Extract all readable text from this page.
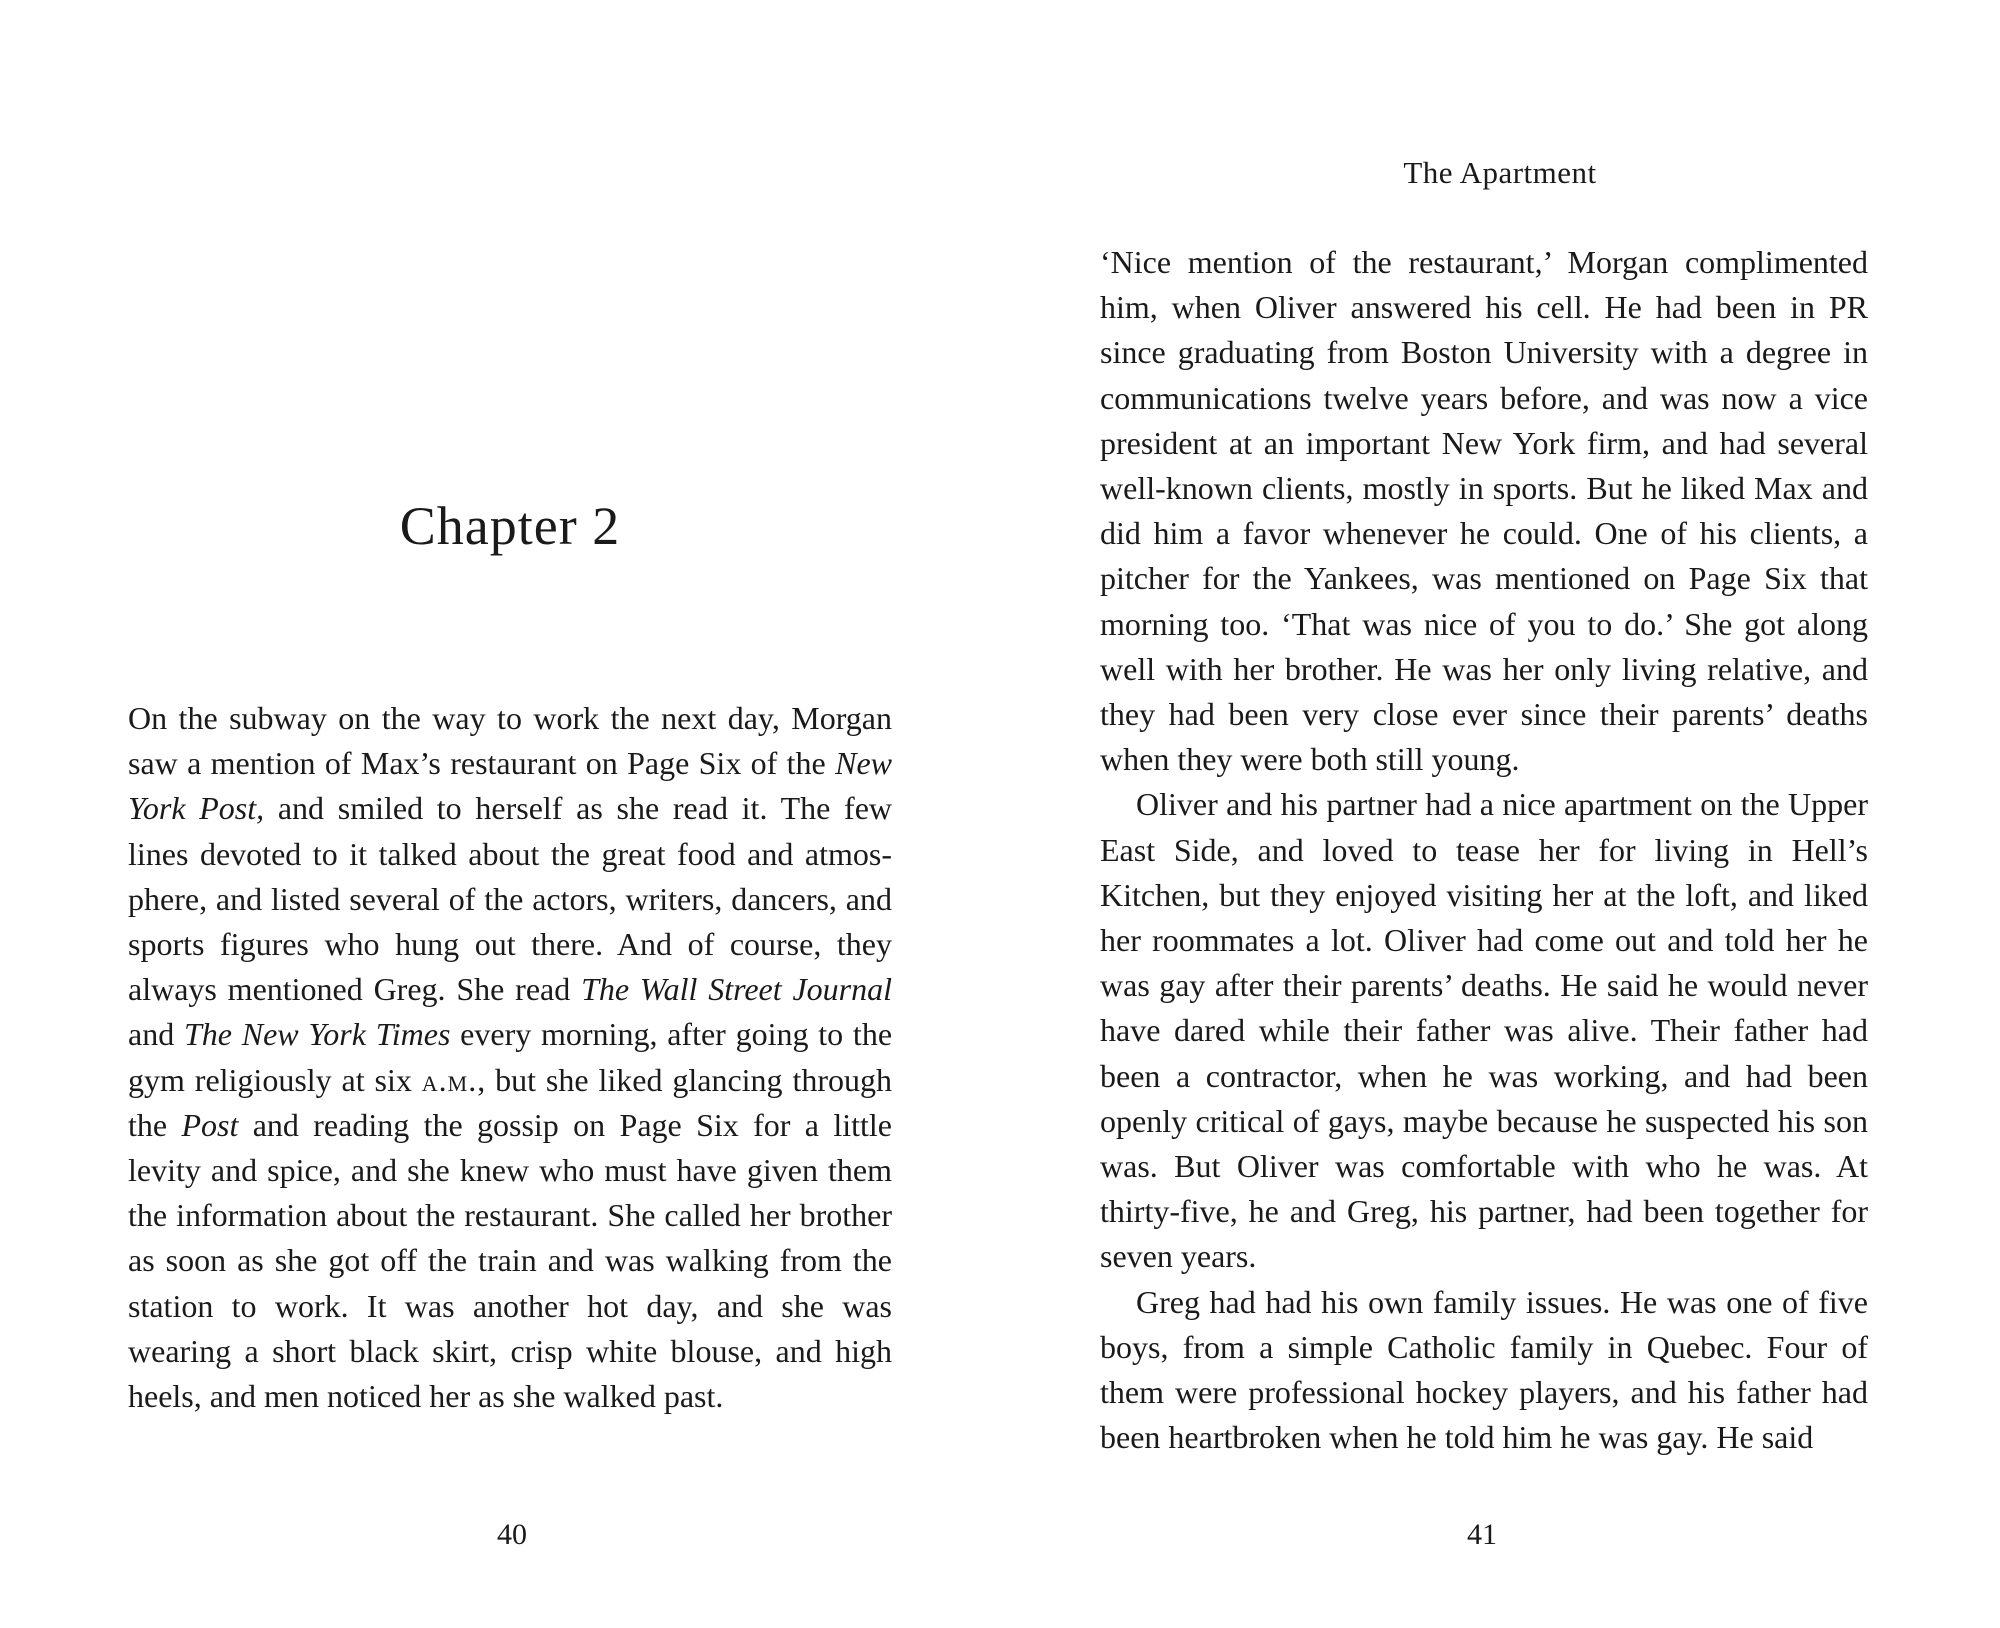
Chapter 2

On the subway on the way to work the next day, Morgan saw a mention of Max’s restaurant on Page Six of the New York Post, and smiled to herself as she read it. The few lines devoted to it talked about the great food and atmosphere, and listed several of the actors, writers, dancers, and sports figures who hung out there. And of course, they always mentioned Greg. She read The Wall Street Journal and The New York Times every morning, after going to the gym religiously at six a.m., but she liked glancing through the Post and reading the gossip on Page Six for a little levity and spice, and she knew who must have given them the information about the restaurant. She called her brother as soon as she got off the train and was walking from the station to work. It was another hot day, and she was wearing a short black skirt, crisp white blouse, and high heels, and men noticed her as she walked past.

40
The Apartment

‘Nice mention of the restaurant,’ Morgan complimented him, when Oliver answered his cell. He had been in PR since graduating from Boston University with a degree in communications twelve years before, and was now a vice president at an important New York firm, and had several well-known clients, mostly in sports. But he liked Max and did him a favor whenever he could. One of his clients, a pitcher for the Yankees, was mentioned on Page Six that morning too. ‘That was nice of you to do.’ She got along well with her brother. He was her only living relative, and they had been very close ever since their parents’ deaths when they were both still young.

Oliver and his partner had a nice apartment on the Upper East Side, and loved to tease her for living in Hell’s Kitchen, but they enjoyed visiting her at the loft, and liked her roommates a lot. Oliver had come out and told her he was gay after their parents’ deaths. He said he would never have dared while their father was alive. Their father had been a contractor, when he was working, and had been openly critical of gays, maybe because he suspected his son was. But Oliver was comfortable with who he was. At thirty-five, he and Greg, his partner, had been together for seven years.

Greg had had his own family issues. He was one of five boys, from a simple Catholic family in Quebec. Four of them were professional hockey players, and his father had been heartbroken when he told him he was gay. He said

41
